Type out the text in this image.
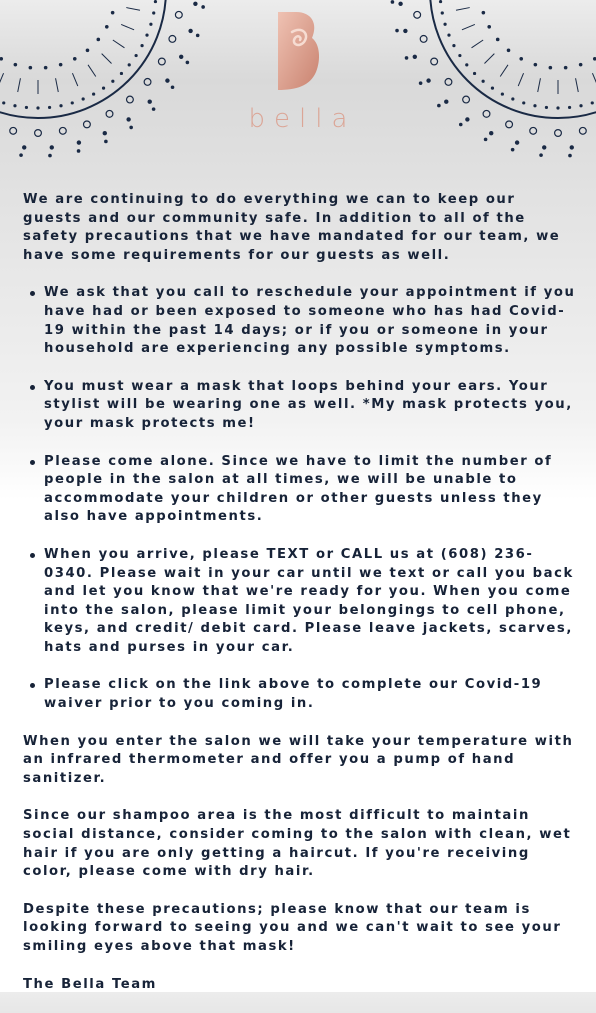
bella

We are continuing to do everything we can to keep our guests and our community safe. In addition to all of the safety precautions that we have mandated for our team, we have some requirements for our guests as well.

We ask that you call to reschedule your appointment if you have had or been exposed to someone who has had Covid- 19 within the past 14 days; or if you or someone in your household are experiencing any possible symptoms.
You must wear a mask that loops behind your ears. Your stylist will be wearing one as well. *My mask protects you, your mask protects me!
Please come alone. Since we have to limit the number of people in the salon at all times, we will be unable to accommodate your children or other guests unless they also have appointments.
When you arrive, please TEXT or CALL us at (608) 236-0340. Please wait in your car until we text or call you back and let you know that we're ready for you. When you come into the salon, please limit your belongings to cell phone, keys, and credit/ debit card. Please leave jackets, scarves, hats and purses in your car.
Please click on the link above to complete our Covid-19 waiver prior to you coming in.

When you enter the salon we will take your temperature with an infrared thermometer and offer you a pump of hand sanitizer.

Since our shampoo area is the most difficult to maintain social distance, consider coming to the salon with clean, wet hair if you are only getting a haircut. If you're receiving color, please come with dry hair.

Despite these precautions; please know that our team is looking forward to seeing you and we can't wait to see your smiling eyes above that mask!

The Bella Team
